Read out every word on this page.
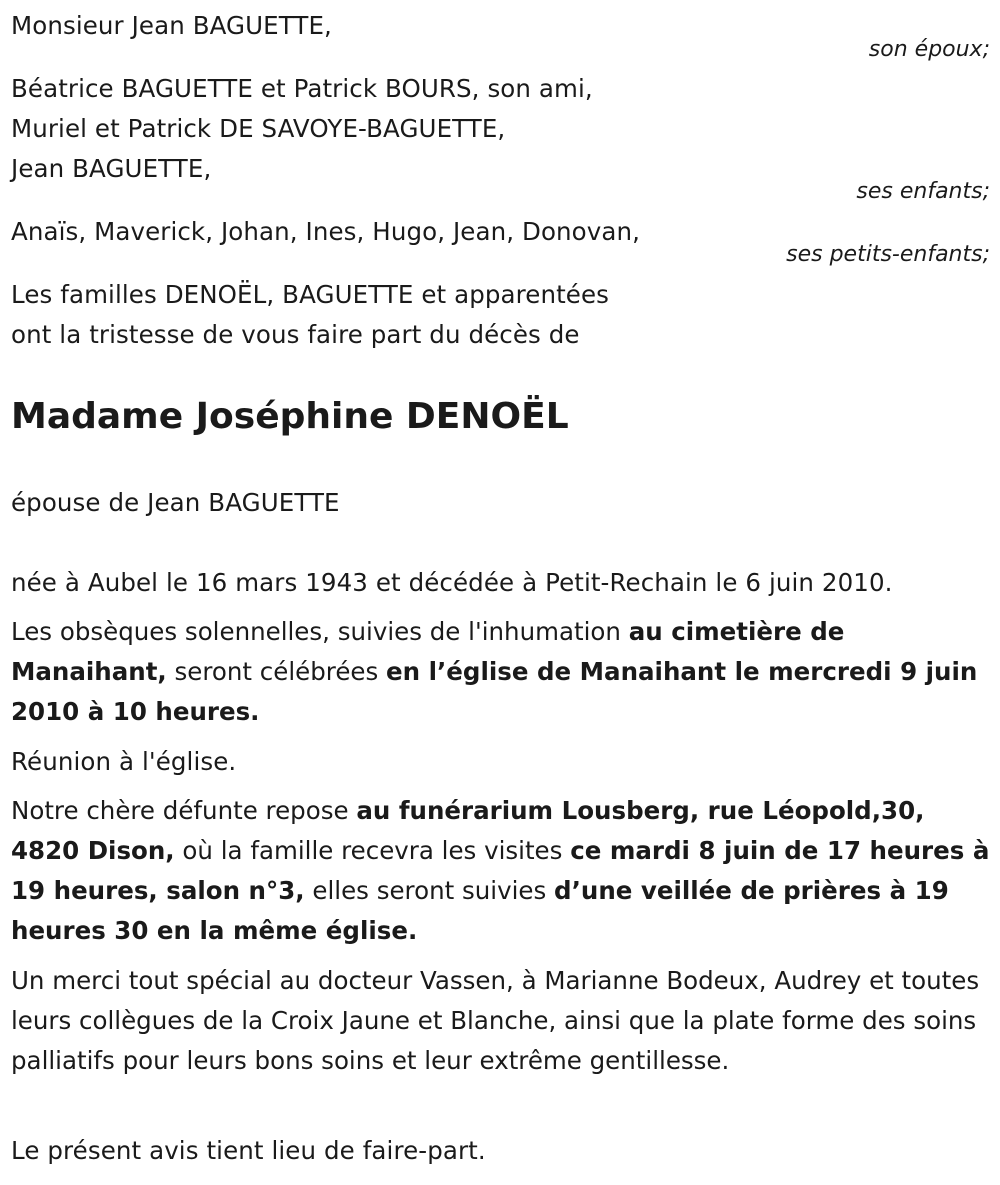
Monsieur Jean BAGUETTE,
son époux;
Béatrice BAGUETTE et Patrick BOURS, son ami,
Muriel et Patrick DE SAVOYE-BAGUETTE,
Jean BAGUETTE,
ses enfants;
Anaïs, Maverick, Johan, Ines, Hugo, Jean, Donovan,
ses petits-enfants;
Les familles DENOËL, BAGUETTE et apparentées
ont la tristesse de vous faire part du décès de
Madame Joséphine DENOËL
épouse de Jean BAGUETTE
née à Aubel le 16 mars 1943 et décédée à Petit-Rechain le 6 juin 2010.
Les obsèques solennelles, suivies de l'inhumation au cimetière de Manaihant, seront célébrées en l’église de Manaihant le mercredi 9 juin 2010 à 10 heures.
Réunion à l'église.
Notre chère défunte repose au funérarium Lousberg, rue Léopold,30, 4820 Dison, où la famille recevra les visites ce mardi 8 juin de 17 heures à 19 heures, salon n°3, elles seront suivies d’une veillée de prières à 19 heures 30 en la même église.
Un merci tout spécial au docteur Vassen, à Marianne Bodeux, Audrey et toutes leurs collègues de la Croix Jaune et Blanche, ainsi que la plate forme des soins palliatifs pour leurs bons soins et leur extrême gentillesse.
Le présent avis tient lieu de faire-part.
